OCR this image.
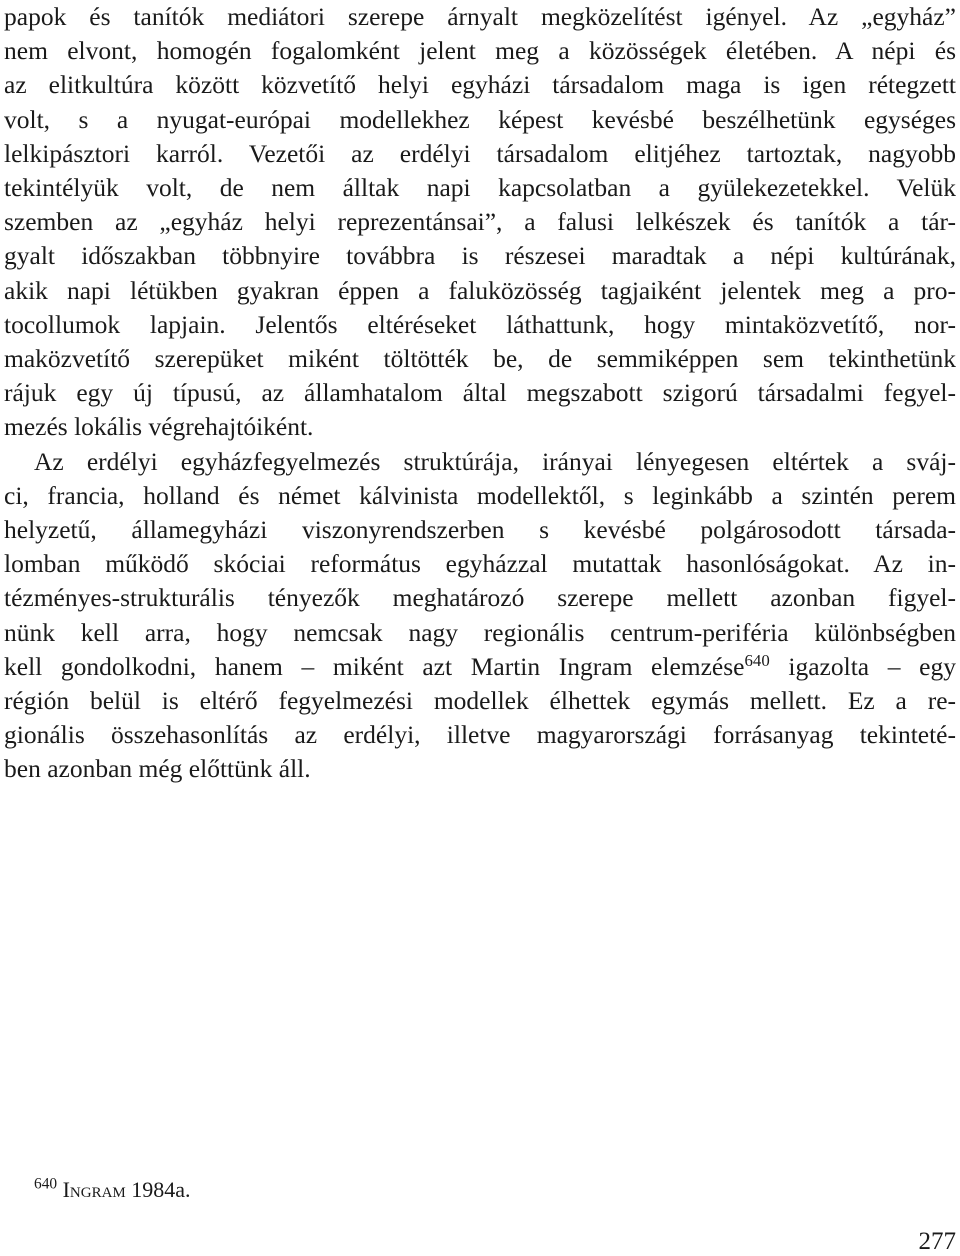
papok és tanítók mediátori szerepe árnyalt megközelítést igényel. Az „egyház”
nem elvont, homogén fogalomként jelent meg a közösségek életében. A népi és
az elitkultúra között közvetítő helyi egyházi társadalom maga is igen rétegzett
volt, s a nyugat-európai modellekhez képest kevésbé beszélhetünk egységes
lelkipásztori karról. Vezetői az erdélyi társadalom elitjéhez tartoztak, nagyobb
tekintélyük volt, de nem álltak napi kapcsolatban a gyülekezetekkel. Velük
szemben az „egyház helyi reprezentánsai”, a falusi lelkészek és tanítók a tár-
gyalt időszakban többnyire továbbra is részesei maradtak a népi kultúrának,
akik napi létükben gyakran éppen a faluközösség tagjaiként jelentek meg a pro-
tocollumok lapjain. Jelentős eltéréseket láthattunk, hogy mintaközvetítő, nor-
maközvetítő szerepüket miként töltötték be, de semmiképpen sem tekinthetünk
rájuk egy új típusú, az államhatalom által megszabott szigorú társadalmi fegyel-
mezés lokális végrehajtóiként.
Az erdélyi egyházfegyelmezés struktúrája, irányai lényegesen eltértek a sváj-
ci, francia, holland és német kálvinista modellektől, s leginkább a szintén perem
helyzetű, államegyházi viszonyrendszerben s kevésbé polgárosodott társada-
lomban működő skóciai református egyházzal mutattak hasonlóságokat. Az in-
tézményes-strukturális tényezők meghatározó szerepe mellett azonban figyel-
nünk kell arra, hogy nemcsak nagy regionális centrum-periféria különbségben
kell gondolkodni, hanem – miként azt Martin Ingram elemzése$^{640}$ igazolta – egy
régión belül is eltérő fegyelmezési modellek élhettek egymás mellett. Ez a re-
gionális összehasonlítás az erdélyi, illetve magyarországi forrásanyag tekinteté-
ben azonban még előttünk áll.
$^{640}$ Ingram 1984a.
277
